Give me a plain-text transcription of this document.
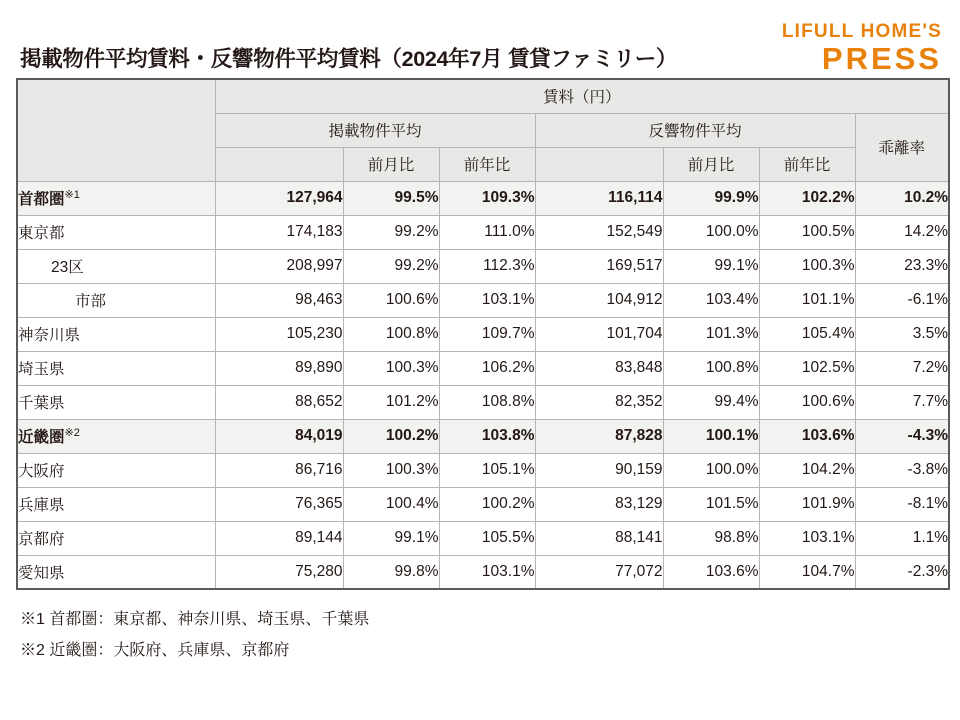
掲載物件平均賃料・反響物件平均賃料（2024年7月 賃貸ファミリー）
LIFULL HOME'S
PRESS
	賃料（円）						
	掲載物件平均			反響物件平均			乖離率
		前月比	前年比		前月比	前年比	
首都圏$^{※1}$	127,964	99.5%	109.3%	116,114	99.9%	102.2%	10.2%
東京都	174,183	99.2%	111.0%	152,549	100.0%	100.5%	14.2%
23区	208,997	99.2%	112.3%	169,517	99.1%	100.3%	23.3%
市部	98,463	100.6%	103.1%	104,912	103.4%	101.1%	-6.1%
神奈川県	105,230	100.8%	109.7%	101,704	101.3%	105.4%	3.5%
埼玉県	89,890	100.3%	106.2%	83,848	100.8%	102.5%	7.2%
千葉県	88,652	101.2%	108.8%	82,352	99.4%	100.6%	7.7%
近畿圏$^{※2}$	84,019	100.2%	103.8%	87,828	100.1%	103.6%	-4.3%
大阪府	86,716	100.3%	105.1%	90,159	100.0%	104.2%	-3.8%
兵庫県	76,365	100.4%	100.2%	83,129	101.5%	101.9%	-8.1%
京都府	89,144	99.1%	105.5%	88,141	98.8%	103.1%	1.1%
愛知県	75,280	99.8%	103.1%	77,072	103.6%	104.7%	-2.3%
※1 首都圏：東京都、神奈川県、埼玉県、千葉県
※2 近畿圏：大阪府、兵庫県、京都府
